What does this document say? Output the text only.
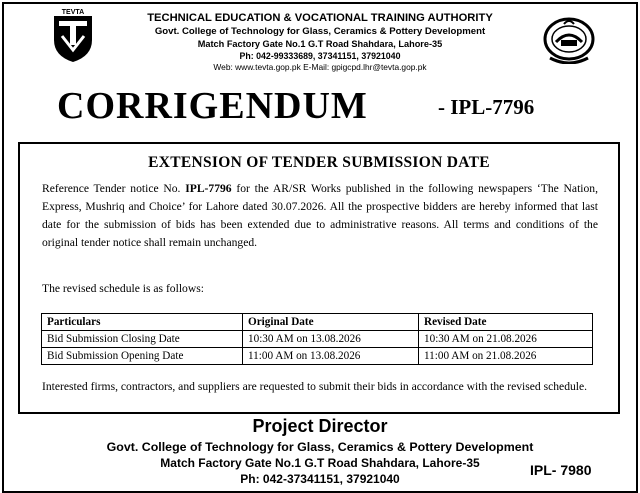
TEVTA	TECHNICAL EDUCATION & VOCATIONAL TRAINING AUTHORITY
Govt. College of Technology for Glass, Ceramics & Pottery Development
Match Factory Gate No.1 G.T Road Shahdara, Lahore-35
Ph: 042-99333689, 37341151, 37921040
Web: www.tevta.gop.pk E-Mail: gpigcpd.lhr@tevta.gop.pk
CORRIGENDUM	- IPL-7796
EXTENSION OF TENDER SUBMISSION DATE
Reference Tender notice No. IPL-7796 for the AR/SR Works published in the following newspapers ‘The Nation, Express, Mushriq and Choice’ for Lahore dated 30.07.2026. All the prospective bidders are hereby informed that last date for the submission of bids has been extended due to administrative reasons. All terms and conditions of the original tender notice shall remain unchanged.
The revised schedule is as follows:
Particulars	Original Date	Revised Date
Bid Submission Closing Date	10:30 AM on 13.08.2026	10:30 AM on 21.08.2026
Bid Submission Opening Date	11:00 AM on 13.08.2026	11:00 AM on 21.08.2026
Interested firms, contractors, and suppliers are requested to submit their bids in accordance with the revised schedule.
Project Director
Govt. College of Technology for Glass, Ceramics & Pottery Development
Match Factory Gate No.1 G.T Road Shahdara, Lahore-35
Ph: 042-37341151, 37921040
IPL- 7980
